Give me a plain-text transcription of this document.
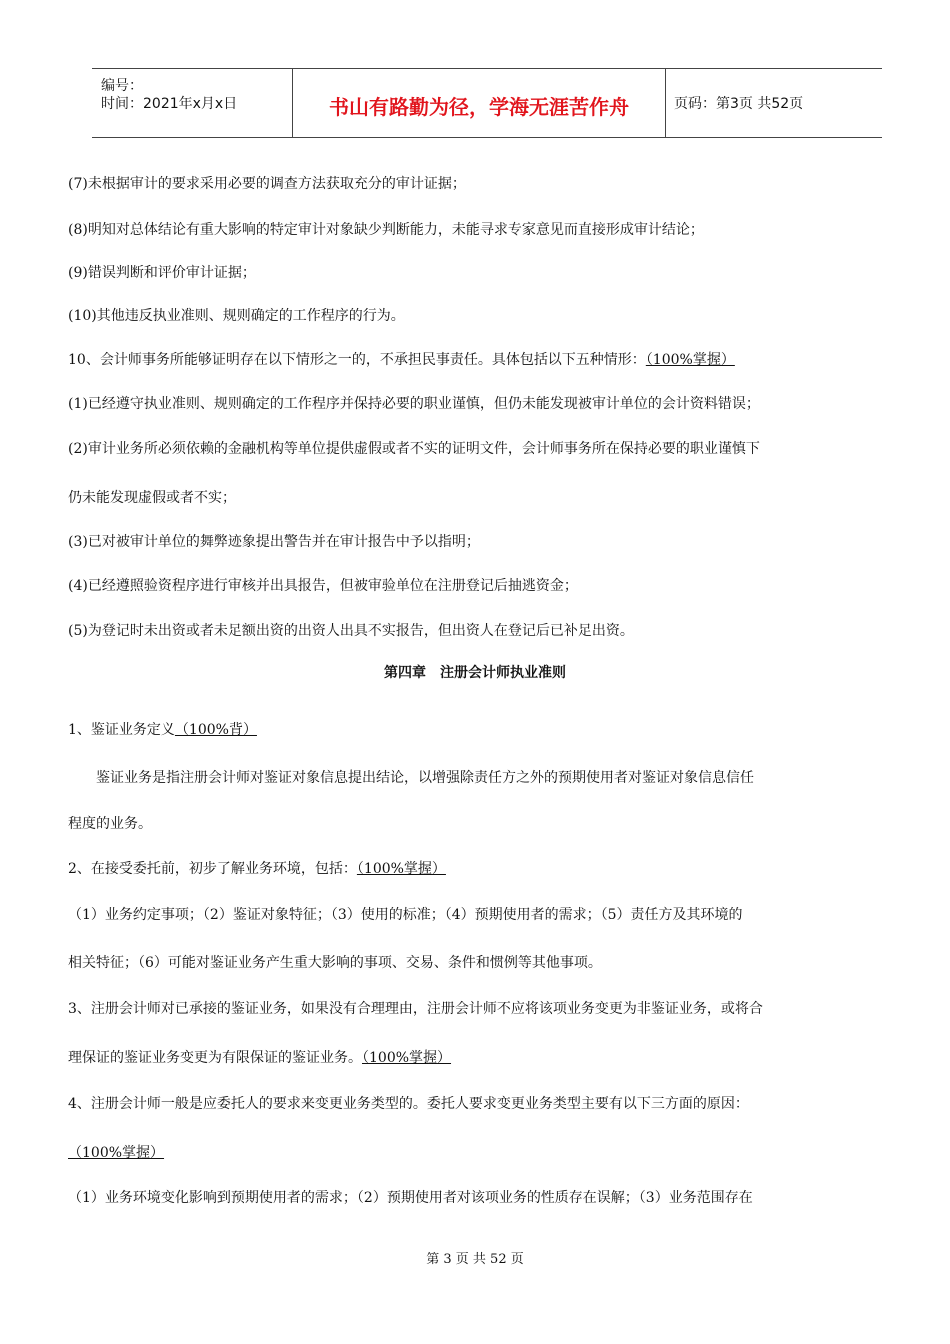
编号：
时间：2021年x月x日	书山有路勤为径，学海无涯苦作舟	页码：第3页 共52页
(7)未根据审计的要求采用必要的调查方法获取充分的审计证据；
(8)明知对总体结论有重大影响的特定审计对象缺少判断能力，未能寻求专家意见而直接形成审计结论；
(9)错误判断和评价审计证据；
(10)其他违反执业准则、规则确定的工作程序的行为。
10、会计师事务所能够证明存在以下情形之一的，不承担民事责任。具体包括以下五种情形：（100%掌握）
(1)已经遵守执业准则、规则确定的工作程序并保持必要的职业谨慎，但仍未能发现被审计单位的会计资料错误；
(2)审计业务所必须依赖的金融机构等单位提供虚假或者不实的证明文件，会计师事务所在保持必要的职业谨慎下
仍未能发现虚假或者不实；
(3)已对被审计单位的舞弊迹象提出警告并在审计报告中予以指明；
(4)已经遵照验资程序进行审核并出具报告，但被审验单位在注册登记后抽逃资金；
(5)为登记时未出资或者未足额出资的出资人出具不实报告，但出资人在登记后已补足出资。
第四章　注册会计师执业准则
1、鉴证业务定义（100%背）
　　鉴证业务是指注册会计师对鉴证对象信息提出结论，以增强除责任方之外的预期使用者对鉴证对象信息信任
程度的业务。
2、在接受委托前，初步了解业务环境，包括：（100%掌握）
（1）业务约定事项；（2）鉴证对象特征；（3）使用的标准；（4）预期使用者的需求；（5）责任方及其环境的
相关特征；（6）可能对鉴证业务产生重大影响的事项、交易、条件和惯例等其他事项。
3、注册会计师对已承接的鉴证业务，如果没有合理理由，注册会计师不应将该项业务变更为非鉴证业务，或将合
理保证的鉴证业务变更为有限保证的鉴证业务。（100%掌握）
4、注册会计师一般是应委托人的要求来变更业务类型的。委托人要求变更业务类型主要有以下三方面的原因：
（100%掌握）
（1）业务环境变化影响到预期使用者的需求；（2）预期使用者对该项业务的性质存在误解；（3）业务范围存在
第 3 页 共 52 页
